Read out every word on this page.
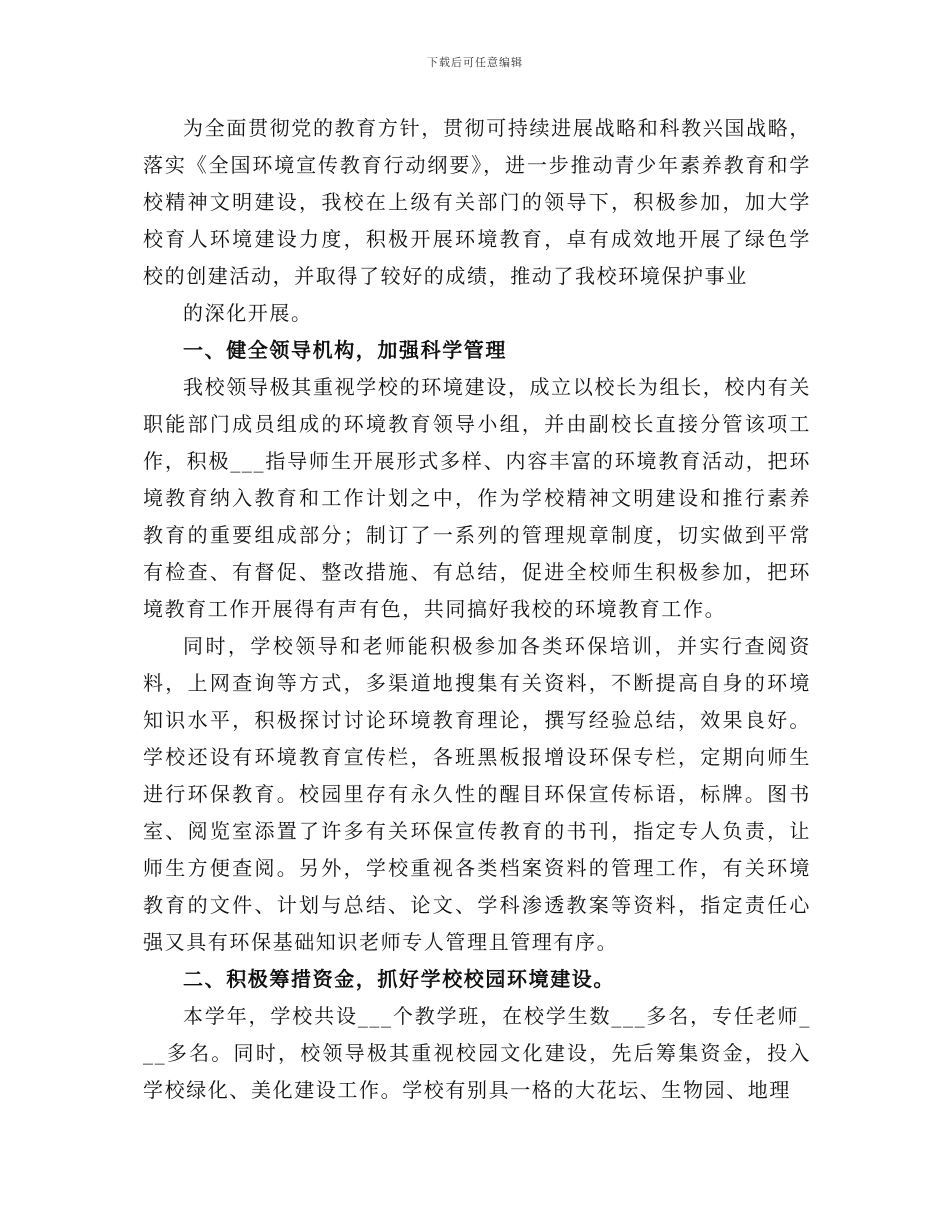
下载后可任意编辑

为全面贯彻党的教育方针，贯彻可持续进展战略和科教兴国战略，落实《全国环境宣传教育行动纲要》，进一步推动青少年素养教育和学校精神文明建设，我校在上级有关部门的领导下，积极参加，加大学校育人环境建设力度，积极开展环境教育，卓有成效地开展了绿色学校的创建活动，并取得了较好的成绩，推动了我校环境保护事业

的深化开展。

一、健全领导机构，加强科学管理

我校领导极其重视学校的环境建设，成立以校长为组长，校内有关职能部门成员组成的环境教育领导小组，并由副校长直接分管该项工作，积极___指导师生开展形式多样、内容丰富的环境教育活动，把环境教育纳入教育和工作计划之中，作为学校精神文明建设和推行素养教育的重要组成部分；制订了一系列的管理规章制度，切实做到平常有检查、有督促、整改措施、有总结，促进全校师生积极参加，把环境教育工作开展得有声有色，共同搞好我校的环境教育工作。

同时，学校领导和老师能积极参加各类环保培训，并实行查阅资料，上网查询等方式，多渠道地搜集有关资料，不断提高自身的环境知识水平，积极探讨讨论环境教育理论，撰写经验总结，效果良好。学校还设有环境教育宣传栏，各班黑板报增设环保专栏，定期向师生进行环保教育。校园里存有永久性的醒目环保宣传标语，标牌。图书室、阅览室添置了许多有关环保宣传教育的书刊，指定专人负责，让师生方便查阅。另外，学校重视各类档案资料的管理工作，有关环境教育的文件、计划与总结、论文、学科渗透教案等资料，指定责任心强又具有环保基础知识老师专人管理且管理有序。

二、积极筹措资金，抓好学校校园环境建设。

本学年，学校共设___个教学班，在校学生数___多名，专任老师___多名。同时，校领导极其重视校园文化建设，先后筹集资金，投入学校绿化、美化建设工作。学校有别具一格的大花坛、生物园、地理
